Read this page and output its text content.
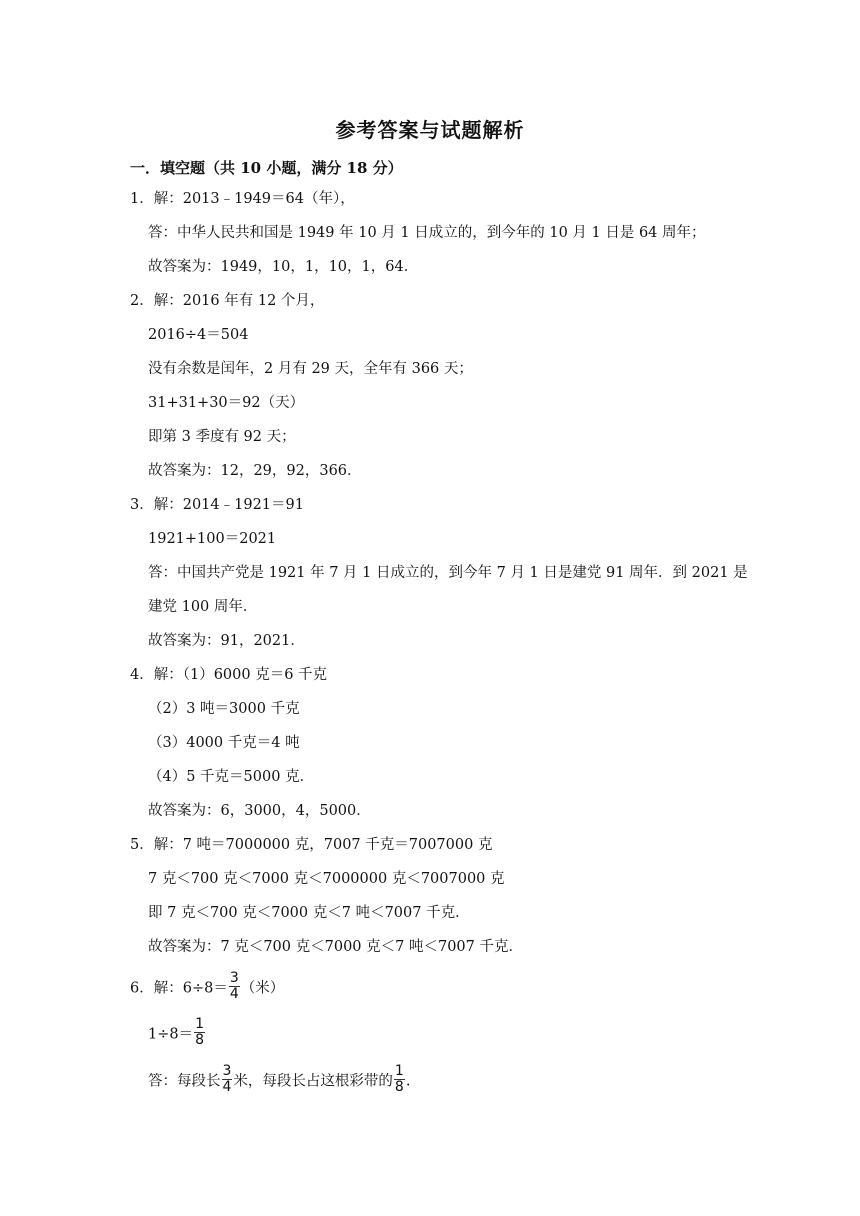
参考答案与试题解析
一．填空题（共 10 小题，满分 18 分）
1．解：2013﹣1949＝64（年），
答：中华人民共和国是 1949 年 10 月 1 日成立的，到今年的 10 月 1 日是 64 周年；
故答案为：1949，10，1，10，1，64．
2．解：2016 年有 12 个月，
2016÷4＝504
没有余数是闰年，2 月有 29 天，全年有 366 天；
31+31+30＝92（天）
即第 3 季度有 92 天；
故答案为：12，29，92，366．
3．解：2014﹣1921＝91
1921+100＝2021
答：中国共产党是 1921 年 7 月 1 日成立的，到今年 7 月 1 日是建党 91 周年．到 2021 是
建党 100 周年．
故答案为：91，2021．
4．解：（1）6000 克＝6 千克
（2）3 吨＝3000 千克
（3）4000 千克＝4 吨
（4）5 千克＝5000 克．
故答案为：6，3000，4，5000．
5．解：7 吨＝7000000 克，7007 千克＝7007000 克
7 克＜700 克＜7000 克＜7000000 克＜7007000 克
即 7 克＜700 克＜7000 克＜7 吨＜7007 千克．
故答案为：7 克＜700 克＜7000 克＜7 吨＜7007 千克．
6．解：$6\div 8= \frac{3}{4}$ （米）
$1\div 8= \frac{1}{8}$
答：每段长 $\frac{3}{4}$ 米，每段长占这根彩带的 $\frac{1}{8}$ .
